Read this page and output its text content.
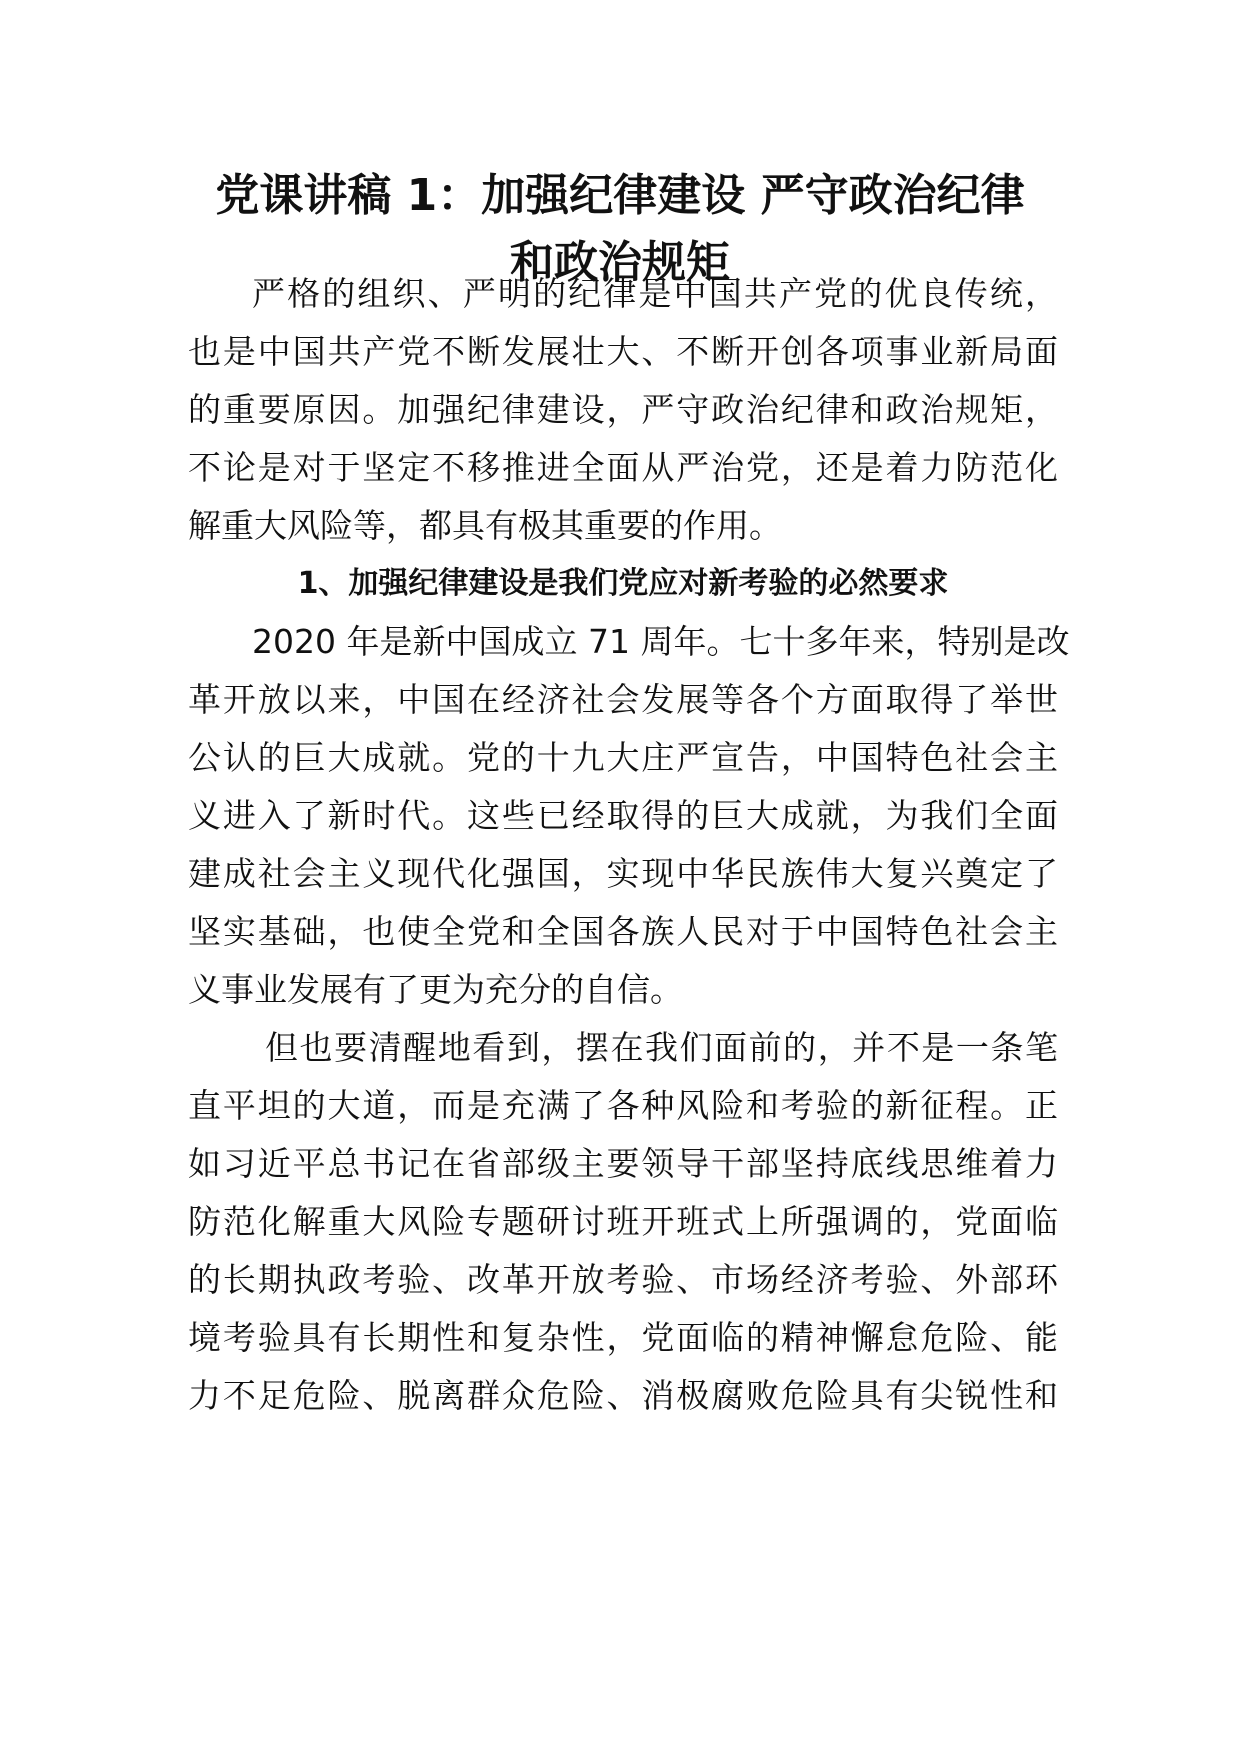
党课讲稿 1：加强纪律建设 严守政治纪律
和政治规矩
严格的组织、严明的纪律是中国共产党的优良传统，
也是中国共产党不断发展壮大、不断开创各项事业新局面
的重要原因。加强纪律建设，严守政治纪律和政治规矩，
不论是对于坚定不移推进全面从严治党，还是着力防范化
解重大风险等，都具有极其重要的作用。
1、加强纪律建设是我们党应对新考验的必然要求
2020 年是新中国成立 71 周年。七十多年来，特别是改
革开放以来，中国在经济社会发展等各个方面取得了举世
公认的巨大成就。党的十九大庄严宣告，中国特色社会主
义进入了新时代。这些已经取得的巨大成就，为我们全面
建成社会主义现代化强国，实现中华民族伟大复兴奠定了
坚实基础，也使全党和全国各族人民对于中国特色社会主
义事业发展有了更为充分的自信。
但也要清醒地看到，摆在我们面前的，并不是一条笔
直平坦的大道，而是充满了各种风险和考验的新征程。正
如习近平总书记在省部级主要领导干部坚持底线思维着力
防范化解重大风险专题研讨班开班式上所强调的，党面临
的长期执政考验、改革开放考验、市场经济考验、外部环
境考验具有长期性和复杂性，党面临的精神懈怠危险、能
力不足危险、脱离群众危险、消极腐败危险具有尖锐性和
